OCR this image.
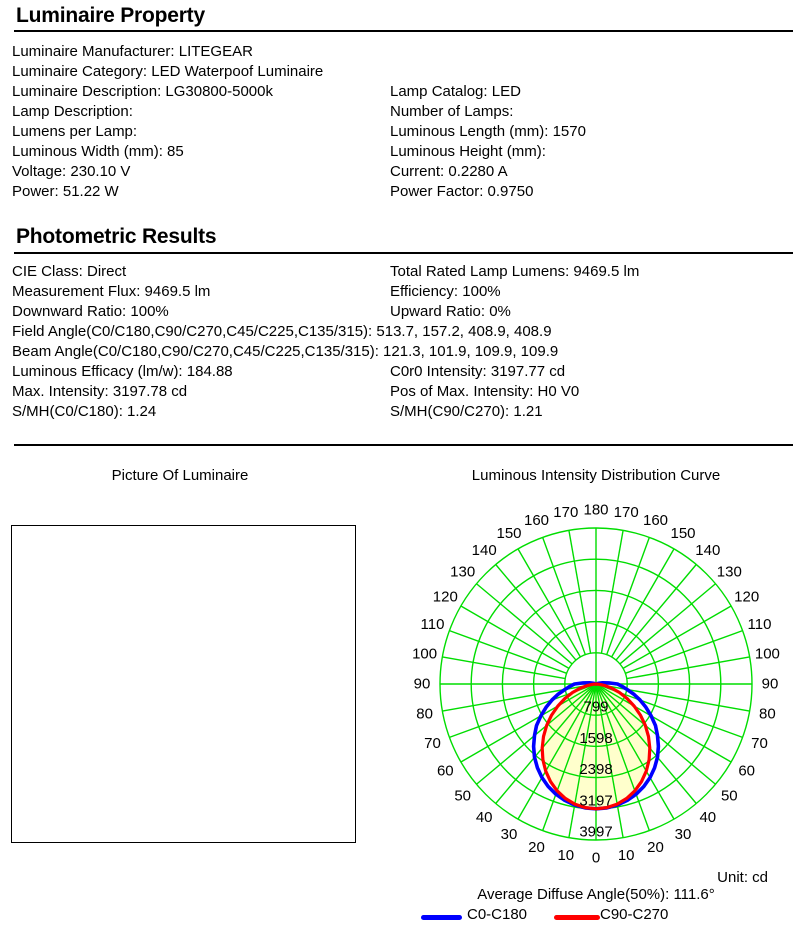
Luminaire Property
Luminaire Manufacturer: LITEGEAR
Luminaire Category: LED Waterpoof Luminaire
Luminaire Description: LG30800-5000k	Lamp Catalog: LED
Lamp Description:	Number of Lamps:
Lumens per Lamp:	Luminous Length (mm): 1570
Luminous Width (mm): 85	Luminous Height (mm):
Voltage: 230.10 V	Current: 0.2280 A
Power: 51.22 W	Power Factor: 0.9750
Photometric Results
CIE Class: Direct	Total Rated Lamp Lumens: 9469.5 lm
Measurement Flux: 9469.5 lm	Efficiency: 100%
Downward Ratio: 100%	Upward Ratio: 0%
Field Angle(C0/C180,C90/C270,C45/C225,C135/315): 513.7, 157.2, 408.9, 408.9
Beam Angle(C0/C180,C90/C270,C45/C225,C135/315): 121.3, 101.9, 109.9, 109.9
Luminous Efficacy (lm/w): 184.88	C0r0 Intensity: 3197.77 cd
Max. Intensity: 3197.78 cd	Pos of Max. Intensity: H0 V0
S/MH(C0/C180): 1.24	S/MH(C90/C270): 1.21
Picture Of Luminaire	Luminous Intensity Distribution Curve
799
1598
2398
3197
3997
0 10
10	20
20
30
30
40
40
50
50
60
60
70
70
80
80
90
90
100
100
110
110
120
120
130
130
140
140
150
150
160
160	170
170 180
Unit: cd
Average Diffuse Angle(50%): 111.6°
C0-C180	C90-C270
